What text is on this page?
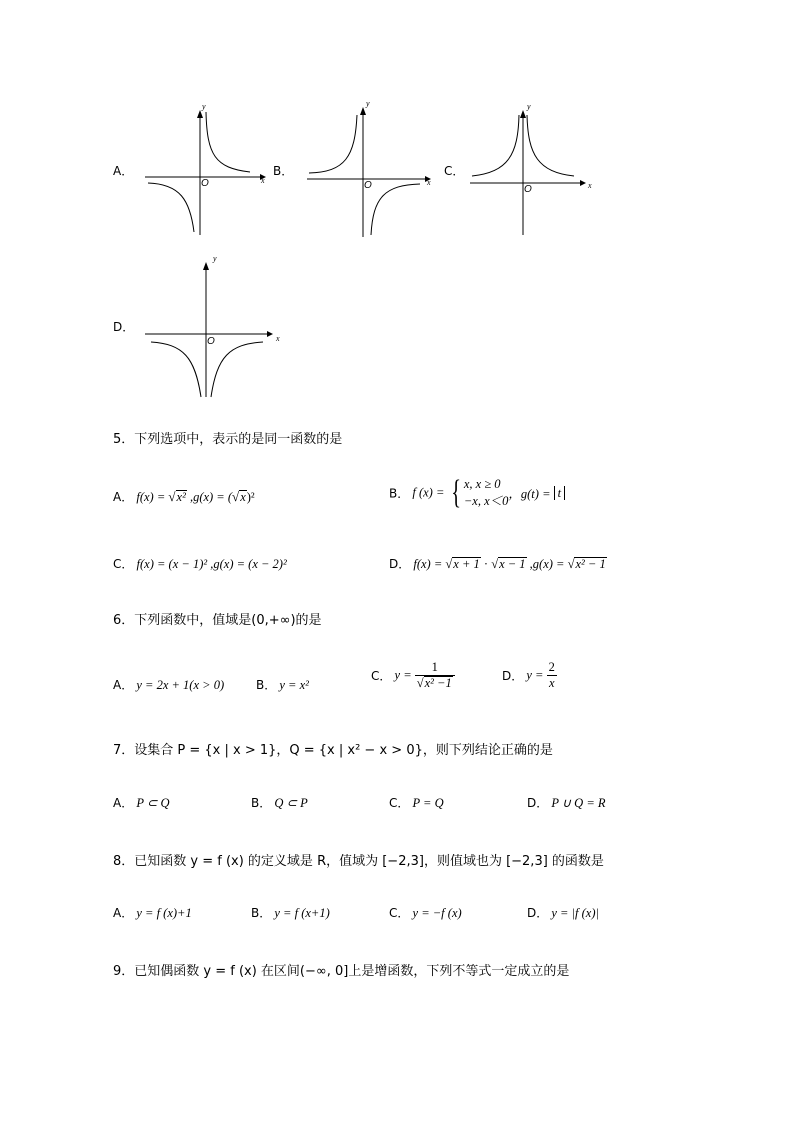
A．
x
y
O
B．
x
y
O
C．
x
y
O
D．
x
y
O
5．下列选项中，表示的是同一函数的是
A． f(x) = √x² ,g(x) = (√x)²	B． f (x) = { x, x ≥ 0
−x, x＜0 ，g(t) = t
C． f(x) = (x − 1)² ,g(x) = (x − 2)²	D． f(x) = √x + 1 · √x − 1 ,g(x) = √x² − 1
6．下列函数中，值域是(0,+∞)的是
A． y = 2x + 1(x > 0)	B． y = x²
C． $y = \frac{1}{\text{√x² −1}}$	D． $y = \frac{2}{x}$
7．设集合 P = {x | x > 1}，Q = {x | x² − x > 0}，则下列结论正确的是
A． P ⊂ Q	B． Q ⊂ P	C． P = Q	D． P ∪ Q = R
8．已知函数 y = f (x) 的定义域是 R，值域为 [−2,3]，则值域也为 [−2,3] 的函数是
A． y = f (x)+1	B． y = f (x+1)	C． y = −f (x)	D． y = |f (x)|
9．已知偶函数 y = f (x) 在区间(−∞, 0]上是增函数，下列不等式一定成立的是
